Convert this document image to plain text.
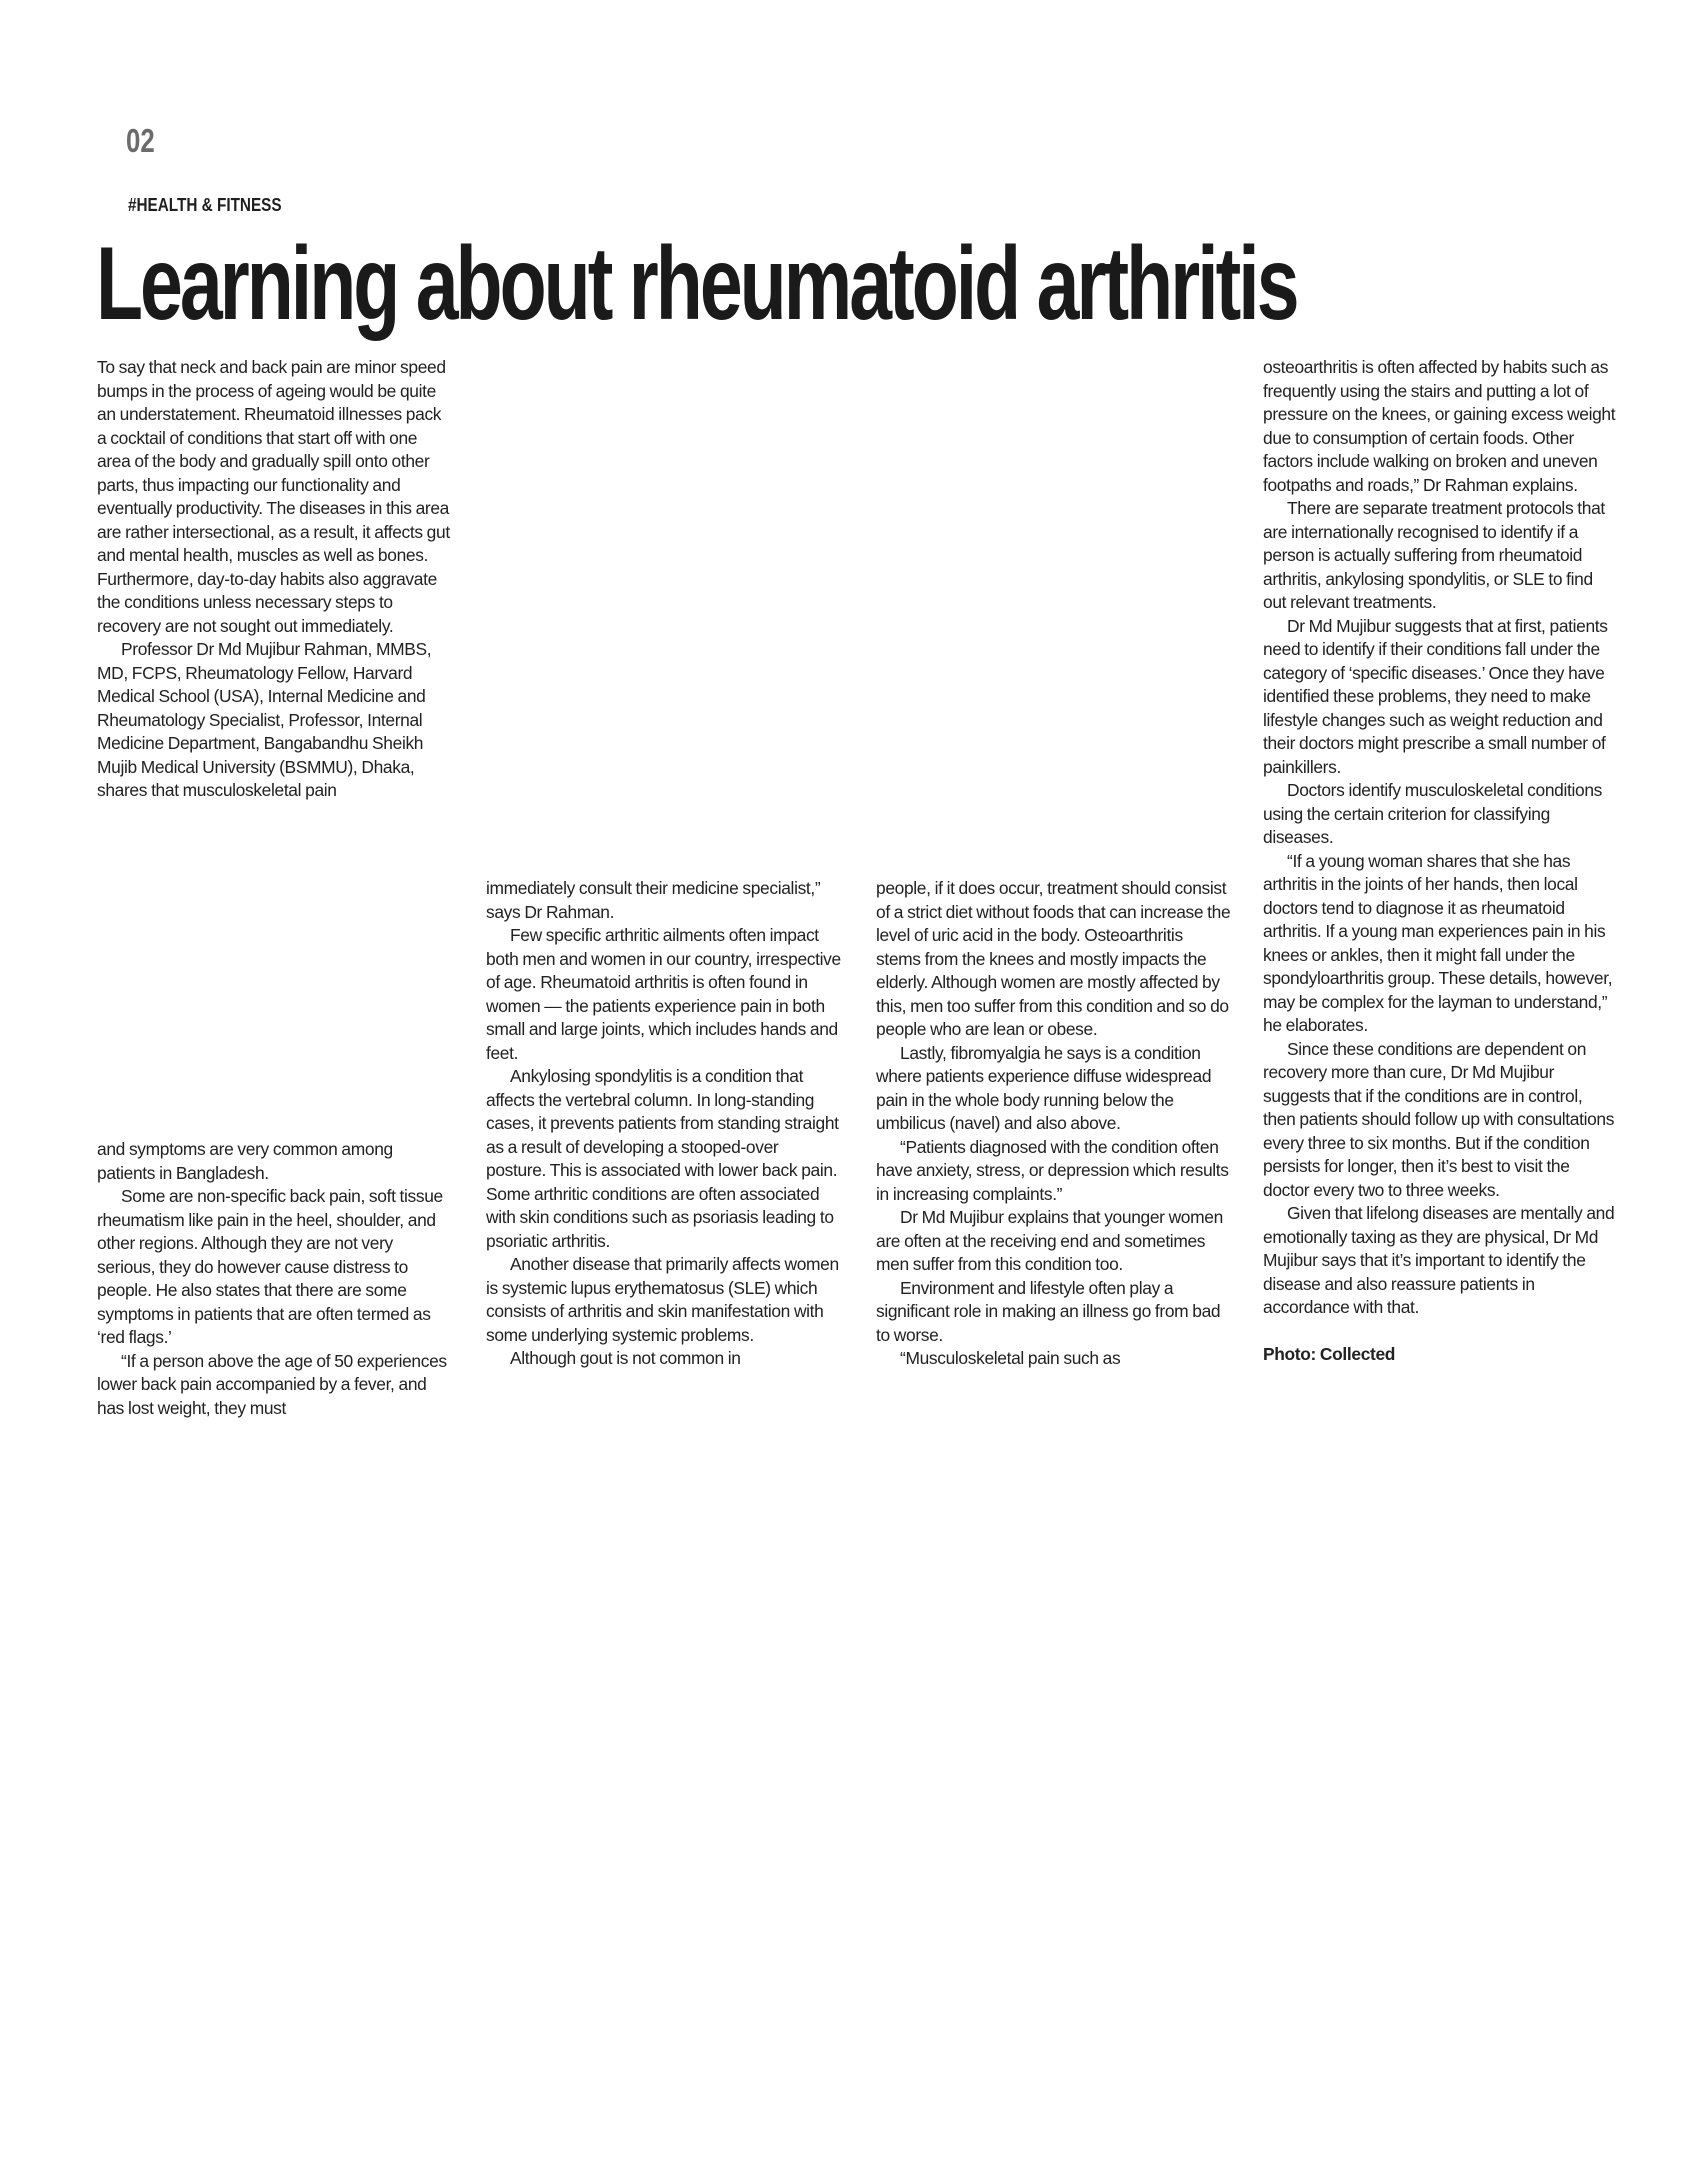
02
#HEALTH & FITNESS
Learning about rheumatoid arthritis

To say that neck and back pain are minor speed bumps in the process of ageing would be quite an understatement. Rheumatoid illnesses pack a cocktail of conditions that start off with one area of the body and gradually spill onto other parts, thus impacting our functionality and eventually productivity. The diseases in this area are rather intersectional, as a result, it affects gut and mental health, muscles as well as bones. Furthermore, day-to-day habits also aggravate the conditions unless necessary steps to recovery are not sought out immediately.

Professor Dr Md Mujibur Rahman, MMBS, MD, FCPS, Rheumatology Fellow, Harvard Medical School (USA), Internal Medicine and Rheumatology Specialist, Professor, Internal Medicine Department, Bangabandhu Sheikh Mujib Medical University (BSMMU), Dhaka, shares that musculoskeletal pain

and symptoms are very common among patients in Bangladesh.

Some are non-specific back pain, soft tissue rheumatism like pain in the heel, shoulder, and other regions. Although they are not very serious, they do however cause distress to people. He also states that there are some symptoms in patients that are often termed as ‘red flags.’

“If a person above the age of 50 experiences lower back pain accompanied by a fever, and has lost weight, they must

immediately consult their medicine specialist,” says Dr Rahman.

Few specific arthritic ailments often impact both men and women in our country, irrespective of age. Rheumatoid arthritis is often found in women — the patients experience pain in both small and large joints, which includes hands and feet.

Ankylosing spondylitis is a condition that affects the vertebral column. In long-standing cases, it prevents patients from standing straight as a result of developing a stooped-over posture. This is associated with lower back pain. Some arthritic conditions are often associated with skin conditions such as psoriasis leading to psoriatic arthritis.

Another disease that primarily affects women is systemic lupus erythematosus (SLE) which consists of arthritis and skin manifestation with some underlying systemic problems.

Although gout is not common in

people, if it does occur, treatment should consist of a strict diet without foods that can increase the level of uric acid in the body. Osteoarthritis stems from the knees and mostly impacts the elderly. Although women are mostly affected by this, men too suffer from this condition and so do people who are lean or obese.

Lastly, fibromyalgia he says is a condition where patients experience diffuse widespread pain in the whole body running below the umbilicus (navel) and also above.

“Patients diagnosed with the condition often have anxiety, stress, or depression which results in increasing complaints.”

Dr Md Mujibur explains that younger women are often at the receiving end and sometimes men suffer from this condition too.

Environment and lifestyle often play a significant role in making an illness go from bad to worse.

“Musculoskeletal pain such as

osteoarthritis is often affected by habits such as frequently using the stairs and putting a lot of pressure on the knees, or gaining excess weight due to consumption of certain foods. Other factors include walking on broken and uneven footpaths and roads,” Dr Rahman explains.

There are separate treatment protocols that are internationally recognised to identify if a person is actually suffering from rheumatoid arthritis, ankylosing spondylitis, or SLE to find out relevant treatments.

Dr Md Mujibur suggests that at first, patients need to identify if their conditions fall under the category of ‘specific diseases.’ Once they have identified these problems, they need to make lifestyle changes such as weight reduction and their doctors might prescribe a small number of painkillers.

Doctors identify musculoskeletal conditions using the certain criterion for classifying diseases.

“If a young woman shares that she has arthritis in the joints of her hands, then local doctors tend to diagnose it as rheumatoid arthritis. If a young man experiences pain in his knees or ankles, then it might fall under the spondyloarthritis group. These details, however, may be complex for the layman to understand,” he elaborates.

Since these conditions are dependent on recovery more than cure, Dr Md Mujibur suggests that if the conditions are in control, then patients should follow up with consultations every three to six months. But if the condition persists for longer, then it’s best to visit the doctor every two to three weeks.

Given that lifelong diseases are mentally and emotionally taxing as they are physical, Dr Md Mujibur says that it’s important to identify the disease and also reassure patients in accordance with that.

Photo: Collected
